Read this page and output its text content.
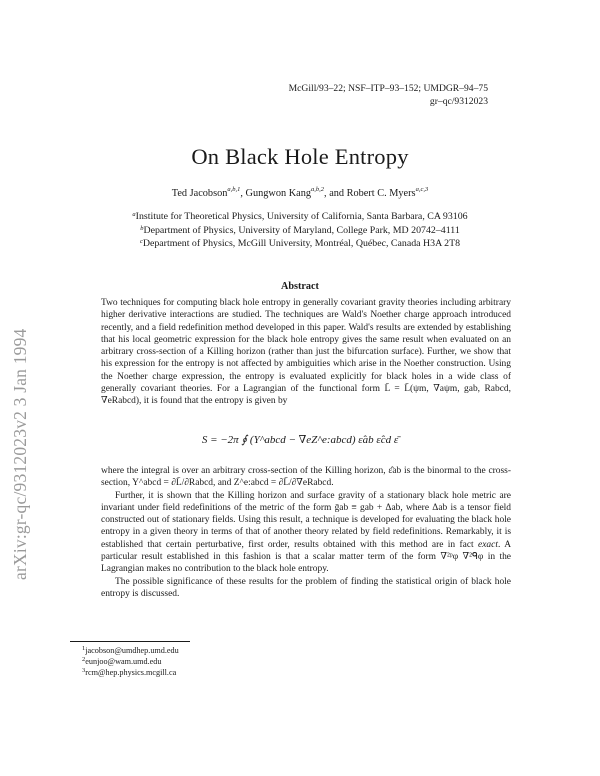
McGill/93–22; NSF–ITP–93–152; UMDGR–94–75
gr–qc/9312023
arXiv:gr-qc/9312023v2 3 Jan 1994
On Black Hole Entropy
Ted Jacobson$^{a,b,1}$, Gungwon Kang$^{a,b,2}$, and Robert C. Myers$^{a,c,3}$
$^a$Institute for Theoretical Physics, University of California, Santa Barbara, CA 93106
$^b$Department of Physics, University of Maryland, College Park, MD 20742–4111
$^c$Department of Physics, McGill University, Montréal, Québec, Canada H3A 2T8
Abstract
Two techniques for computing black hole entropy in generally covariant gravity theories including arbitrary higher derivative interactions are studied. The techniques are Wald's Noether charge approach introduced recently, and a field redefinition method developed in this paper. Wald's results are extended by establishing that his local geometric expression for the black hole entropy gives the same result when evaluated on an arbitrary cross-section of a Killing horizon (rather than just the bifurcation surface). Further, we show that his expression for the entropy is not affected by ambiguities which arise in the Noether construction. Using the Noether charge expression, the entropy is evaluated explicitly for black holes in a wide class of generally covariant theories. For a Lagrangian of the functional form L̄ = L̄(ψm, ∇aψm, gab, Rabcd, ∇eRabcd), it is found that the entropy is given by
S = −2π ∮ (Y^abcd − ∇eZ^e:abcd) ε̂ab ε̂cd ε̄
where the integral is over an arbitrary cross-section of the Killing horizon, ε̂ab is the binormal to the cross-section, Y^abcd = ∂L̄/∂Rabcd, and Z^e:abcd = ∂L̄/∂∇eRabcd.
Further, it is shown that the Killing horizon and surface gravity of a stationary black hole metric are invariant under field redefinitions of the metric of the form ḡab ≡ gab + Δab, where Δab is a tensor field constructed out of stationary fields. Using this result, a technique is developed for evaluating the black hole entropy in a given theory in terms of that of another theory related by field redefinitions. Remarkably, it is established that certain perturbative, first order, results obtained with this method are in fact exact. A particular result established in this fashion is that a scalar matter term of the form ∇²ᵖφ ∇²ᑫφ in the Lagrangian makes no contribution to the black hole entropy.
The possible significance of these results for the problem of finding the statistical origin of black hole entropy is discussed.
$^1$jacobson@umdhep.umd.edu
$^2$eunjoo@wam.umd.edu
$^3$rcm@hep.physics.mcgill.ca
